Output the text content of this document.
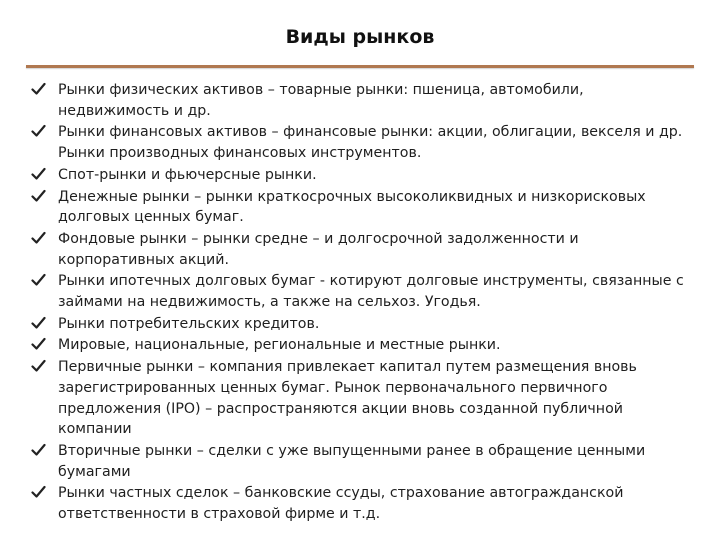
Виды рынков
Рынки физических активов – товарные рынки: пшеница, автомобили, недвижимость и др.
Рынки финансовых активов – финансовые рынки: акции, облигации, векселя и др. Рынки производных финансовых инструментов.
Спот-рынки и фьючерсные рынки.
Денежные рынки – рынки краткосрочных высоколиквидных и низкорисковых долговых ценных бумаг.
Фондовые рынки – рынки средне – и долгосрочной задолженности и корпоративных акций.
Рынки ипотечных долговых бумаг - котируют долговые инструменты, связанные с займами на недвижимость, а также на сельхоз. Угодья.
Рынки потребительских кредитов.
Мировые, национальные, региональные и местные рынки.
Первичные рынки – компания привлекает капитал путем размещения вновь зарегистрированных ценных бумаг. Рынок первоначального первичного предложения (IPO) – распространяются акции вновь созданной публичной компании
Вторичные рынки – сделки с уже выпущенными ранее в обращение ценными бумагами
Рынки частных сделок – банковские ссуды, страхование автогражданской ответственности в страховой фирме и т.д.
